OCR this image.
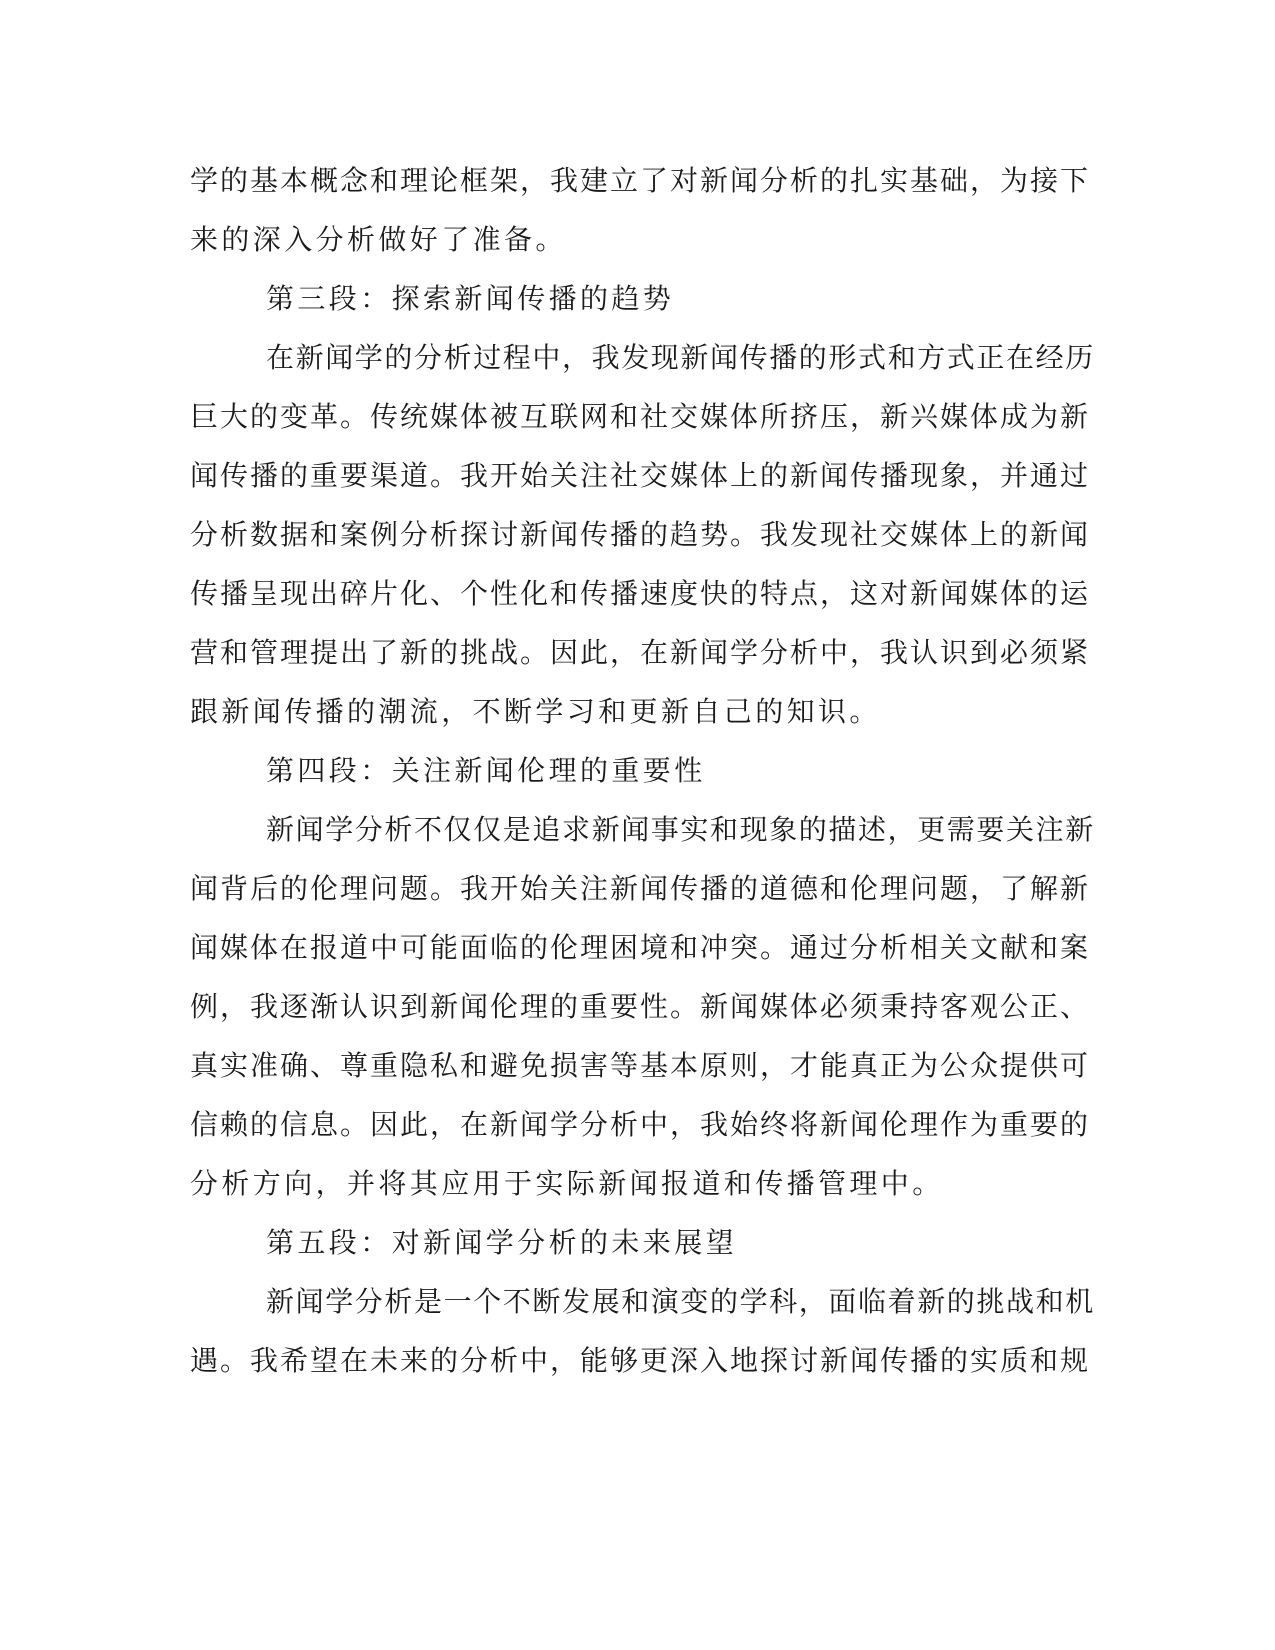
学的基本概念和理论框架，我建立了对新闻分析的扎实基础，为接下

来的深入分析做好了准备。

第三段：探索新闻传播的趋势

在新闻学的分析过程中，我发现新闻传播的形式和方式正在经历

巨大的变革。传统媒体被互联网和社交媒体所挤压，新兴媒体成为新

闻传播的重要渠道。我开始关注社交媒体上的新闻传播现象，并通过

分析数据和案例分析探讨新闻传播的趋势。我发现社交媒体上的新闻

传播呈现出碎片化、个性化和传播速度快的特点，这对新闻媒体的运

营和管理提出了新的挑战。因此，在新闻学分析中，我认识到必须紧

跟新闻传播的潮流，不断学习和更新自己的知识。

第四段：关注新闻伦理的重要性

新闻学分析不仅仅是追求新闻事实和现象的描述，更需要关注新

闻背后的伦理问题。我开始关注新闻传播的道德和伦理问题，了解新

闻媒体在报道中可能面临的伦理困境和冲突。通过分析相关文献和案

例，我逐渐认识到新闻伦理的重要性。新闻媒体必须秉持客观公正、

真实准确、尊重隐私和避免损害等基本原则，才能真正为公众提供可

信赖的信息。因此，在新闻学分析中，我始终将新闻伦理作为重要的

分析方向，并将其应用于实际新闻报道和传播管理中。

第五段：对新闻学分析的未来展望

新闻学分析是一个不断发展和演变的学科，面临着新的挑战和机

遇。我希望在未来的分析中，能够更深入地探讨新闻传播的实质和规
